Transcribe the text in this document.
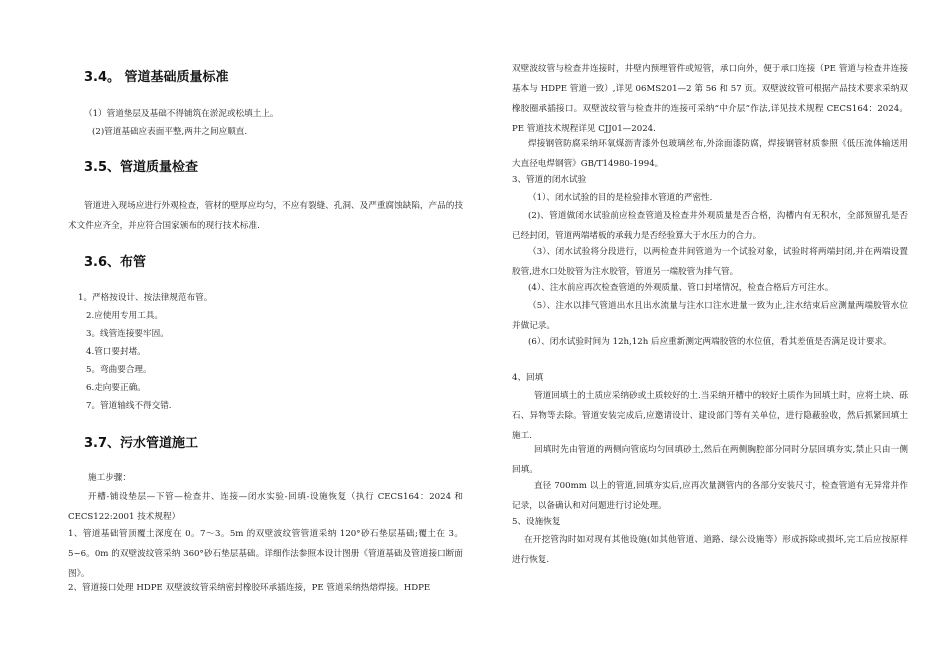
3.4。 管道基础质量标准
（1）管道垫层及基础不得铺筑在淤泥或松填土上。
(2)管道基础应表面平整,两井之间应顺直.
3.5、管道质量检查
管道进入现场应进行外观检查，管材的壁厚应均匀，不应有裂缝、孔洞、及严重腐蚀缺陷，产品的技术文件应齐全，并应符合国家颁布的现行技术标准.
3.6、布管
1。严格按设计、按法律规范布管。
2.应使用专用工具。
3。线管连接要牢固。
4.管口要封堵。
5。弯曲要合理。
6.走向要正确。
7。管道轴线不得交错.
3.7、污水管道施工
施工步骤：
开槽-铺设垫层—下管—检查井、连接—闭水实验-回填-设施恢复（执行 CECS164：2024 和 CECS122:2001 技术规程）
1、管道基础管顶覆土深度在 0。7～3。5m 的双壁波纹管管道采纳 120°砂石垫层基础;覆土在 3。5~6。0m 的双壁波纹管采纳 360°砂石垫层基础。详细作法参照本设计图册《管道基础及管道接口断面图》。
2、管道接口处理 HDPE 双壁波纹管采纳密封橡胶环承插连接，PE 管道采纳热熔焊接。HDPE
双壁波纹管与检查井连接时，井壁内预埋管件或短管，承口向外，便于承口连接（PE 管道与检查井连接基本与 HDPE 管道一致）,详见 06MS201—2 第 56 和 57 页。双壁波纹管可根据产品技术要求采纳双橡胶圈承插接口。双壁波纹管与检查井的连接可采纳“中介层”作法,详见技术规程 CECS164：2024。PE 管道技术规程详见 CJJ01—2024.
焊接钢管防腐采纳环氧煤沥青漆外包玻璃丝布,外涂面漆防腐，焊接钢管材质参照《低压流体输送用大直径电焊钢管》GB/T14980-1994。
3、管道的闭水试验
（1）、闭水试验的目的是检验排水管道的严密性.
(2)、管道做闭水试验前应检查管道及检查井外观质量是否合格，沟槽内有无积水，全部预留孔是否已经封闭，管道两端堵板的承载力是否经验算大于水压力的合力。
（3）、闭水试验将分段进行，以两检查井间管道为一个试验对象，试验时将两端封闭,并在两端设置胶管,进水口处胶管为注水胶管，管道另一端胶管为排气管。
(4）、注水前应再次检查管道的外观质量、管口封堵情况，检查合格后方可注水。
（5）、注水以排气管道出水且出水流量与注水口注水进量一致为止,注水结束后应测量两端胶管水位并做记录。
(6）、闭水试验时间为 12h,12h 后应重新测定两端胶管的水位值，看其差值是否满足设计要求。
4、回填
管道回填土的土质应采纳砂或土质较好的土.当采纳开槽中的较好土质作为回填土时，应将土块、砾石、异物等去除。管道安装完成后,应邀请设计、建设部门等有关单位，进行隐蔽验收，然后抓紧回填土施工.
回填时先由管道的两侧向管底均匀回填砂土,然后在两侧胸腔部分同时分层回填夯实,禁止只由一侧回填。
直径 700mm 以上的管道,回填夯实后,应再次量测管内的各部分安装尺寸，检查管道有无异常并作记录，以备确认和对问题进行讨论处理。
5、设施恢复
在开挖管沟时如对现有其他设施(如其他管道、道路、绿公设施等）形成拆除或损坏,完工后应按原样进行恢复.
